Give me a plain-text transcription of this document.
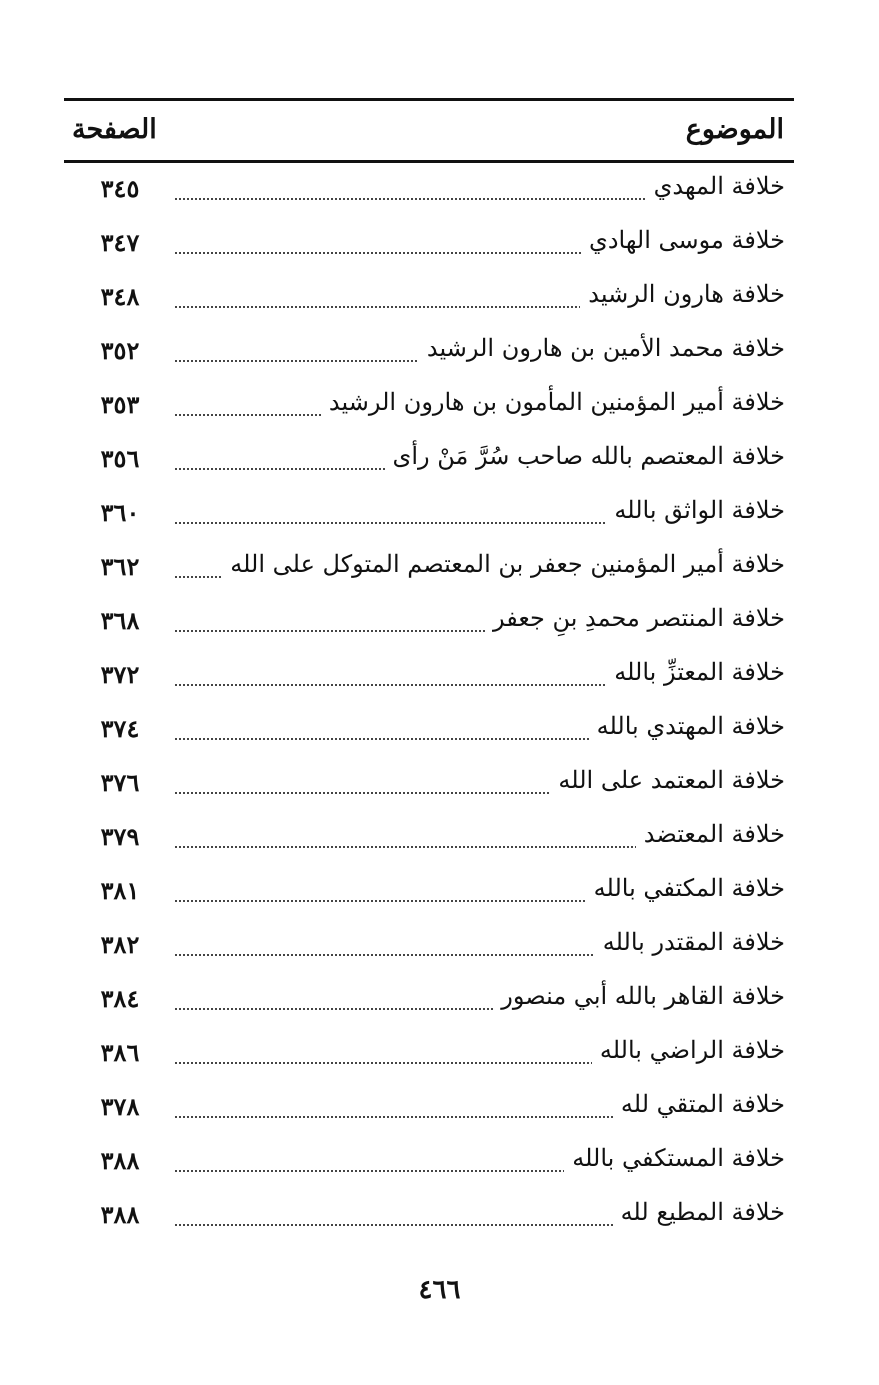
الموضوع
الصفحة
خلافة المهدي
٣٤٥
خلافة موسى الهادي
٣٤٧
خلافة هارون الرشيد
٣٤٨
خلافة محمد الأمين بن هارون الرشيد
٣٥٢
خلافة أمير المؤمنين المأمون بن هارون الرشيد
٣٥٣
خلافة المعتصم بالله صاحب سُرَّ مَنْ رأى
٣٥٦
خلافة الواثق بالله
٣٦٠
خلافة أمير المؤمنين جعفر بن المعتصم المتوكل على الله
٣٦٢
خلافة المنتصر محمدِ بنِ جعفر
٣٦٨
خلافة المعتزِّ بالله
٣٧٢
خلافة المهتدي بالله
٣٧٤
خلافة المعتمد على الله
٣٧٦
خلافة المعتضد
٣٧٩
خلافة المكتفي بالله
٣٨١
خلافة المقتدر بالله
٣٨٢
خلافة القاهر بالله أبي منصور
٣٨٤
خلافة الراضي بالله
٣٨٦
خلافة المتقي لله
٣٧٨
خلافة المستكفي بالله
٣٨٨
خلافة المطيع لله
٣٨٨
٤٦٦
